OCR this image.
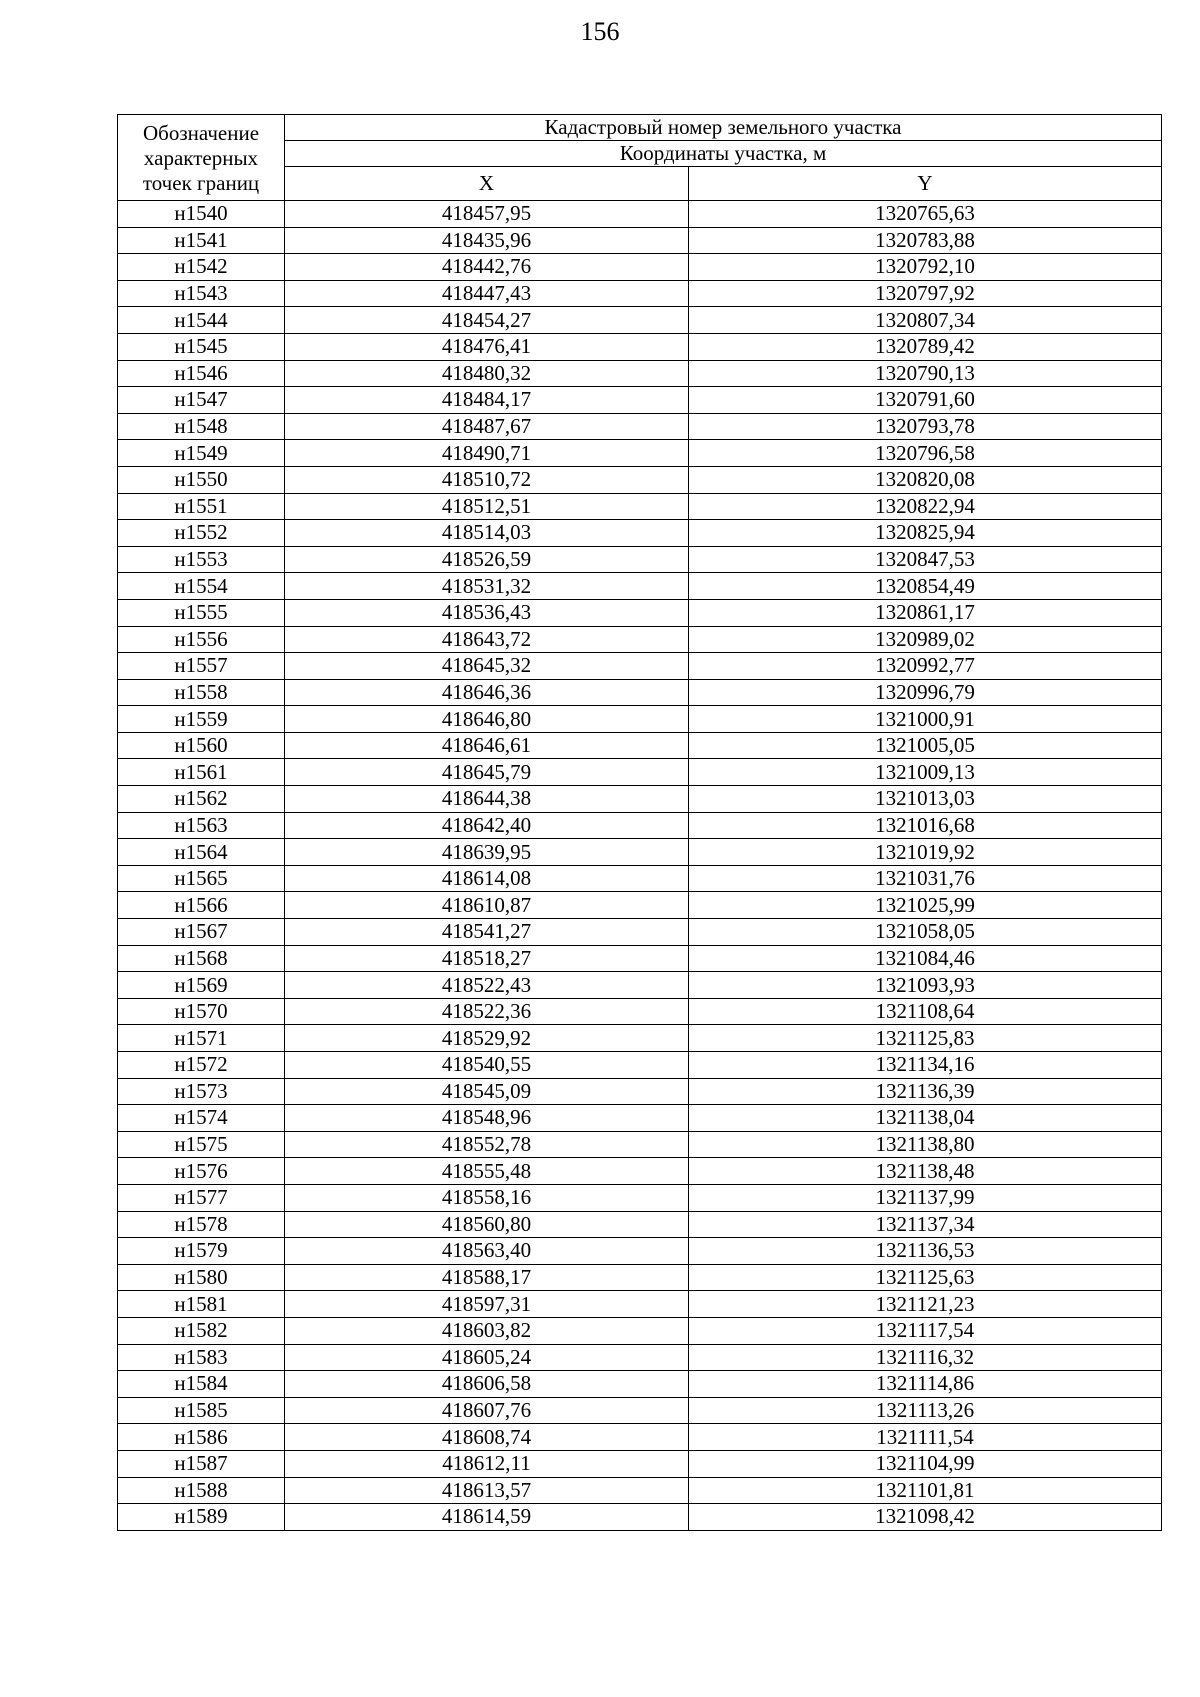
156
Обозначение характерных точек границ	Кадастровый номер земельного участка	
	Координаты участка, м	
	X	Y
н1540	418457,95	1320765,63
н1541	418435,96	1320783,88
н1542	418442,76	1320792,10
н1543	418447,43	1320797,92
н1544	418454,27	1320807,34
н1545	418476,41	1320789,42
н1546	418480,32	1320790,13
н1547	418484,17	1320791,60
н1548	418487,67	1320793,78
н1549	418490,71	1320796,58
н1550	418510,72	1320820,08
н1551	418512,51	1320822,94
н1552	418514,03	1320825,94
н1553	418526,59	1320847,53
н1554	418531,32	1320854,49
н1555	418536,43	1320861,17
н1556	418643,72	1320989,02
н1557	418645,32	1320992,77
н1558	418646,36	1320996,79
н1559	418646,80	1321000,91
н1560	418646,61	1321005,05
н1561	418645,79	1321009,13
н1562	418644,38	1321013,03
н1563	418642,40	1321016,68
н1564	418639,95	1321019,92
н1565	418614,08	1321031,76
н1566	418610,87	1321025,99
н1567	418541,27	1321058,05
н1568	418518,27	1321084,46
н1569	418522,43	1321093,93
н1570	418522,36	1321108,64
н1571	418529,92	1321125,83
н1572	418540,55	1321134,16
н1573	418545,09	1321136,39
н1574	418548,96	1321138,04
н1575	418552,78	1321138,80
н1576	418555,48	1321138,48
н1577	418558,16	1321137,99
н1578	418560,80	1321137,34
н1579	418563,40	1321136,53
н1580	418588,17	1321125,63
н1581	418597,31	1321121,23
н1582	418603,82	1321117,54
н1583	418605,24	1321116,32
н1584	418606,58	1321114,86
н1585	418607,76	1321113,26
н1586	418608,74	1321111,54
н1587	418612,11	1321104,99
н1588	418613,57	1321101,81
н1589	418614,59	1321098,42
